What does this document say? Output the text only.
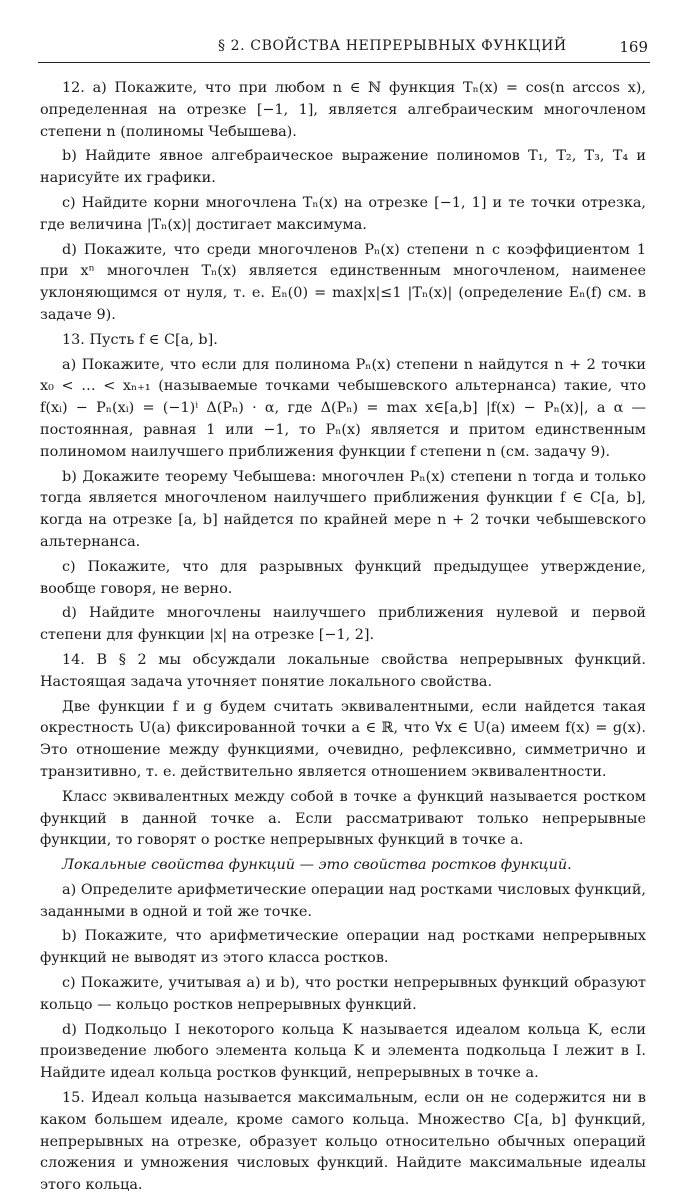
§ 2. СВОЙСТВА НЕПРЕРЫВНЫХ ФУНКЦИЙ	169

12. a) Покажите, что при любом n ∈ ℕ функция Tₙ(x) = cos(n arccos x), определенная на отрезке [−1, 1], является алгебраическим многочленом степени n (полиномы Чебышева).

b) Найдите явное алгебраическое выражение полиномов T₁, T₂, T₃, T₄ и нарисуйте их графики.

c) Найдите корни многочлена Tₙ(x) на отрезке [−1, 1] и те точки отрезка, где величина |Tₙ(x)| достигает максимума.

d) Покажите, что среди многочленов Pₙ(x) степени n с коэффициентом 1 при xⁿ многочлен Tₙ(x) является единственным многочленом, наименее уклоняющимся от нуля, т. е. Eₙ(0) = max|x|≤1 |Tₙ(x)| (определение Eₙ(f) см. в задаче 9).

13. Пусть f ∈ C[a, b].

a) Покажите, что если для полинома Pₙ(x) степени n найдутся n + 2 точки x₀ < … < xₙ₊₁ (называемые точками чебышевского альтернанса) такие, что f(xᵢ) − Pₙ(xᵢ) = (−1)ⁱ Δ(Pₙ) · α, где Δ(Pₙ) = max x∈[a,b] |f(x) − Pₙ(x)|, а α — постоянная, равная 1 или −1, то Pₙ(x) является и притом единственным полиномом наилучшего приближения функции f степени n (см. задачу 9).

b) Докажите теорему Чебышева: многочлен Pₙ(x) степени n тогда и только тогда является многочленом наилучшего приближения функции f ∈ C[a, b], когда на отрезке [a, b] найдется по крайней мере n + 2 точки чебышевского альтернанса.

c) Покажите, что для разрывных функций предыдущее утверждение, вообще говоря, не верно.

d) Найдите многочлены наилучшего приближения нулевой и первой степени для функции |x| на отрезке [−1, 2].

14. В § 2 мы обсуждали локальные свойства непрерывных функций. Настоящая задача уточняет понятие локального свойства.

Две функции f и g будем считать эквивалентными, если найдется такая окрестность U(a) фиксированной точки a ∈ ℝ, что ∀x ∈ U(a) имеем f(x) = g(x). Это отношение между функциями, очевидно, рефлексивно, симметрично и транзитивно, т. е. действительно является отношением эквивалентности.

Класс эквивалентных между собой в точке a функций называется ростком функций в данной точке a. Если рассматривают только непрерывные функции, то говорят о ростке непрерывных функций в точке a.

Локальные свойства функций — это свойства ростков функций.

a) Определите арифметические операции над ростками числовых функций, заданными в одной и той же точке.

b) Покажите, что арифметические операции над ростками непрерывных функций не выводят из этого класса ростков.

c) Покажите, учитывая a) и b), что ростки непрерывных функций образуют кольцо — кольцо ростков непрерывных функций.

d) Подкольцо I некоторого кольца K называется идеалом кольца K, если произведение любого элемента кольца K и элемента подкольца I лежит в I. Найдите идеал кольца ростков функций, непрерывных в точке a.

15. Идеал кольца называется максимальным, если он не содержится ни в каком большем идеале, кроме самого кольца. Множество C[a, b] функций, непрерывных на отрезке, образует кольцо относительно обычных операций сложения и умножения числовых функций. Найдите максимальные идеалы этого кольца.
